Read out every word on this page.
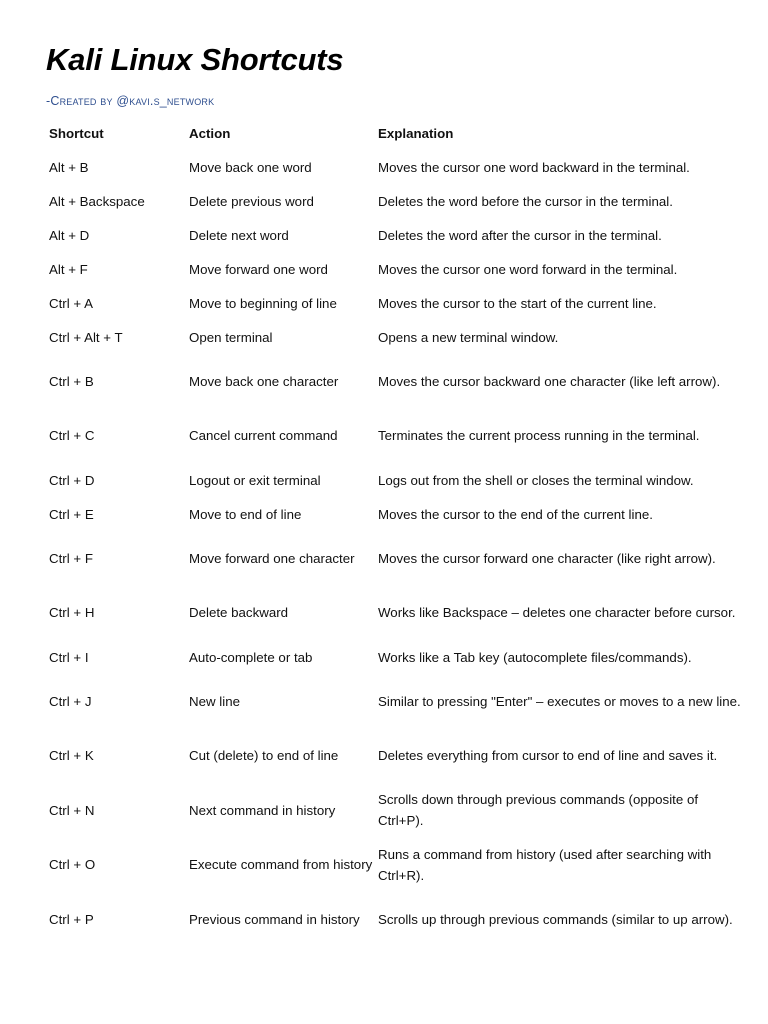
Kali Linux Shortcuts
-Created by @kavi.s_network
Shortcut	Action	Explanation
Alt + B	Move back one word	Moves the cursor one word backward in the terminal.
Alt + Backspace	Delete previous word	Deletes the word before the cursor in the terminal.
Alt + D	Delete next word	Deletes the word after the cursor in the terminal.
Alt + F	Move forward one word	Moves the cursor one word forward in the terminal.
Ctrl + A	Move to beginning of line	Moves the cursor to the start of the current line.
Ctrl + Alt + T	Open terminal	Opens a new terminal window.
Ctrl + B	Move back one character	Moves the cursor backward one character (like left arrow).
Ctrl + C	Cancel current command	Terminates the current process running in the terminal.
Ctrl + D	Logout or exit terminal	Logs out from the shell or closes the terminal window.
Ctrl + E	Move to end of line	Moves the cursor to the end of the current line.
Ctrl + F	Move forward one character	Moves the cursor forward one character (like right arrow).
Ctrl + H	Delete backward	Works like Backspace – deletes one character before cursor.
Ctrl + I	Auto-complete or tab	Works like a Tab key (autocomplete files/commands).
Ctrl + J	New line	Similar to pressing "Enter" – executes or moves to a new line.
Ctrl + K	Cut (delete) to end of line	Deletes everything from cursor to end of line and saves it.
Ctrl + N	Next command in history	Scrolls down through previous commands (opposite of Ctrl+P).
Ctrl + O	Execute command from history	Runs a command from history (used after searching with Ctrl+R).
Ctrl + P	Previous command in history	Scrolls up through previous commands (similar to up arrow).
